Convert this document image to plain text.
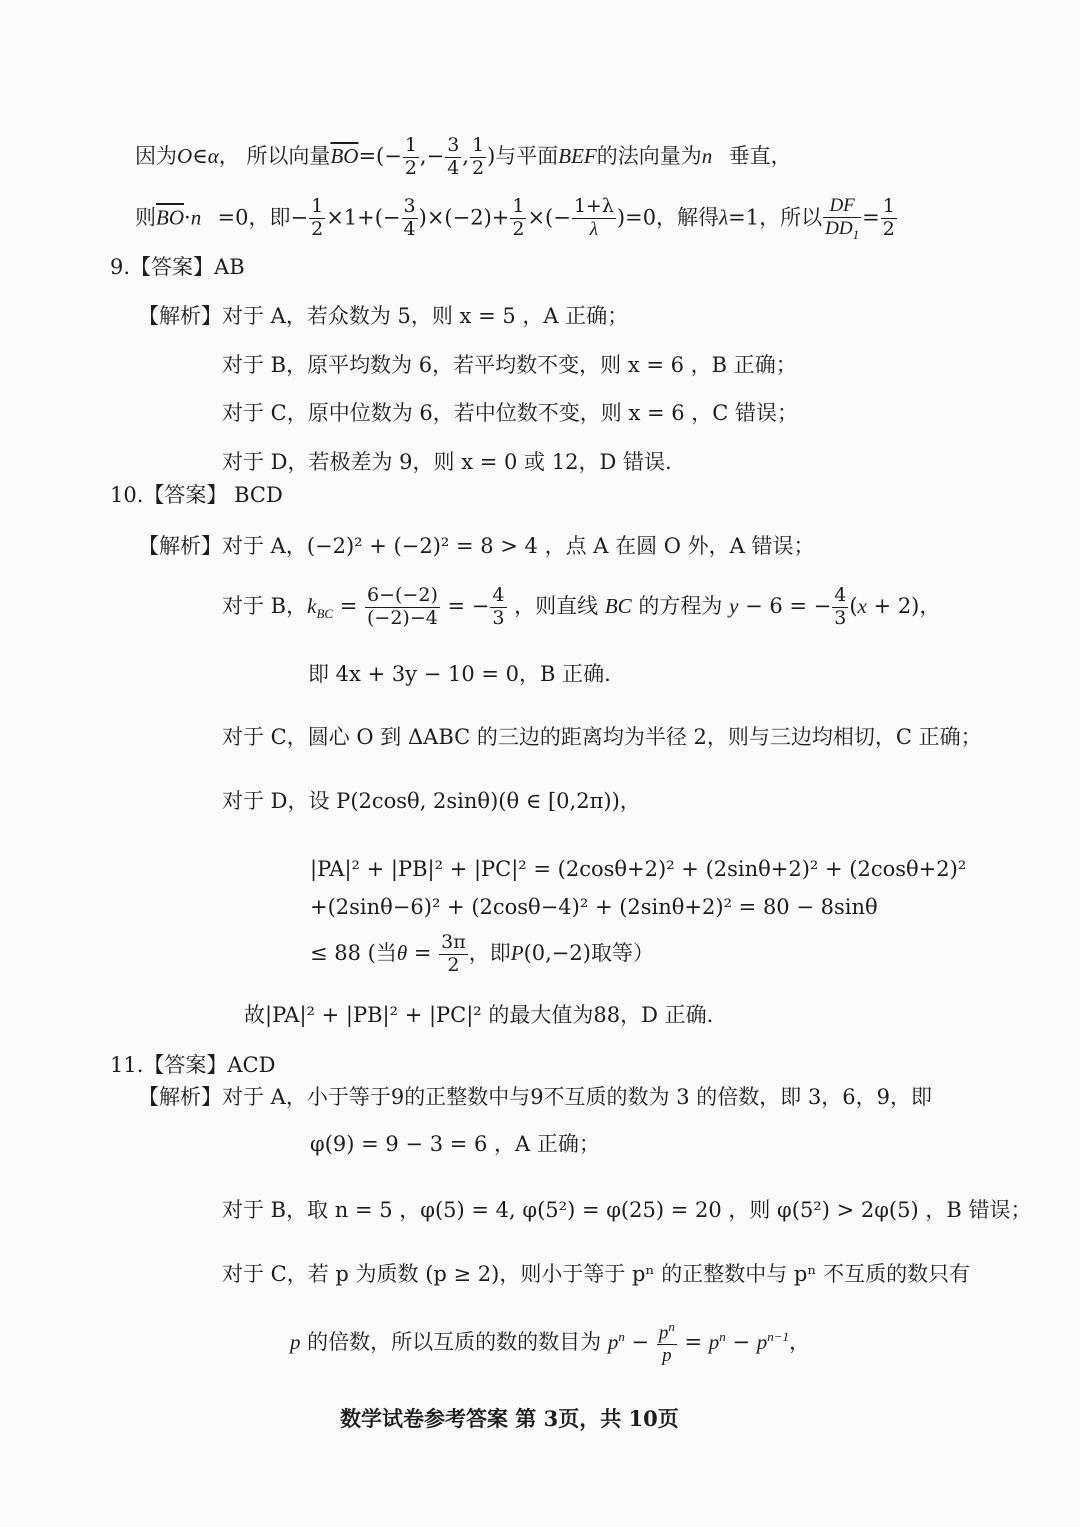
因为O∈α， 所以向量$\overline{BO}=(- \frac{1}{2}$ ,− $\frac{3}{4}$ , $\frac{1}{2}$ )与平面BEF的法向量为n⃗垂直，
则$\overline{BO}\cdot n⃗=0$，即− $\frac{1}{2} \times 1+(- \frac{3}{4} )\times(-2)+ \frac{1}{2}$ ×(− $\frac{1+\lambda}{\lambda} )=0$，解得λ=1，所以 $\frac{DF}{DD_1} = \frac{1}{2}$
9.【答案】AB
【解析】对于 A，若众数为 5，则 x = 5 ，A 正确；
对于 B，原平均数为 6，若平均数不变，则 x = 6 ，B 正确；
对于 C，原中位数为 6，若中位数不变，则 x = 6 ，C 错误；
对于 D，若极差为 9，则 x = 0 或 12，D 错误.
10.【答案】 BCD
【解析】对于 A，(−2)² + (−2)² = 8 > 4 ，点 A 在圆 O 外，A 错误；
对于 B，$k_{BC} = \frac{6-(-2)}{(-2)-4}$ = − $\frac{4}{3}$ ，则直线 BC 的方程为 y − 6 = − $\frac{4}{3} (x + 2)$，
即 4x + 3y − 10 = 0，B 正确.
对于 C，圆心 O 到 ΔABC 的三边的距离均为半径 2，则与三边均相切，C 正确；
对于 D，设 P(2cosθ, 2sinθ)(θ ∈ [0,2π))，
|PA|² + |PB|² + |PC|² = (2cosθ+2)² + (2sinθ+2)² + (2cosθ+2)²
+(2sinθ−6)² + (2cosθ−4)² + (2sinθ+2)² = 80 − 8sinθ
≤ 88 (当$\theta = \frac{3\pi}{2}$ ，即P(0,−2)取等）
故|PA|² + |PB|² + |PC|² 的最大值为88，D 正确.
11.【答案】ACD
【解析】对于 A，小于等于9的正整数中与9不互质的数为 3 的倍数，即 3，6，9，即
φ(9) = 9 − 3 = 6 ，A 正确；
对于 B，取 n = 5 ，φ(5) = 4, φ(5²) = φ(25) = 20 ，则 φ(5²) > 2φ(5) ，B 错误；
对于 C，若 p 为质数 (p ≥ 2)，则小于等于 pⁿ 的正整数中与 pⁿ 不互质的数只有
p 的倍数，所以互质的数的数目为 $p^n - \frac{p^n}{p} = p^n - p^{n-1}$，
数学试卷参考答案 第 3页，共 10页
